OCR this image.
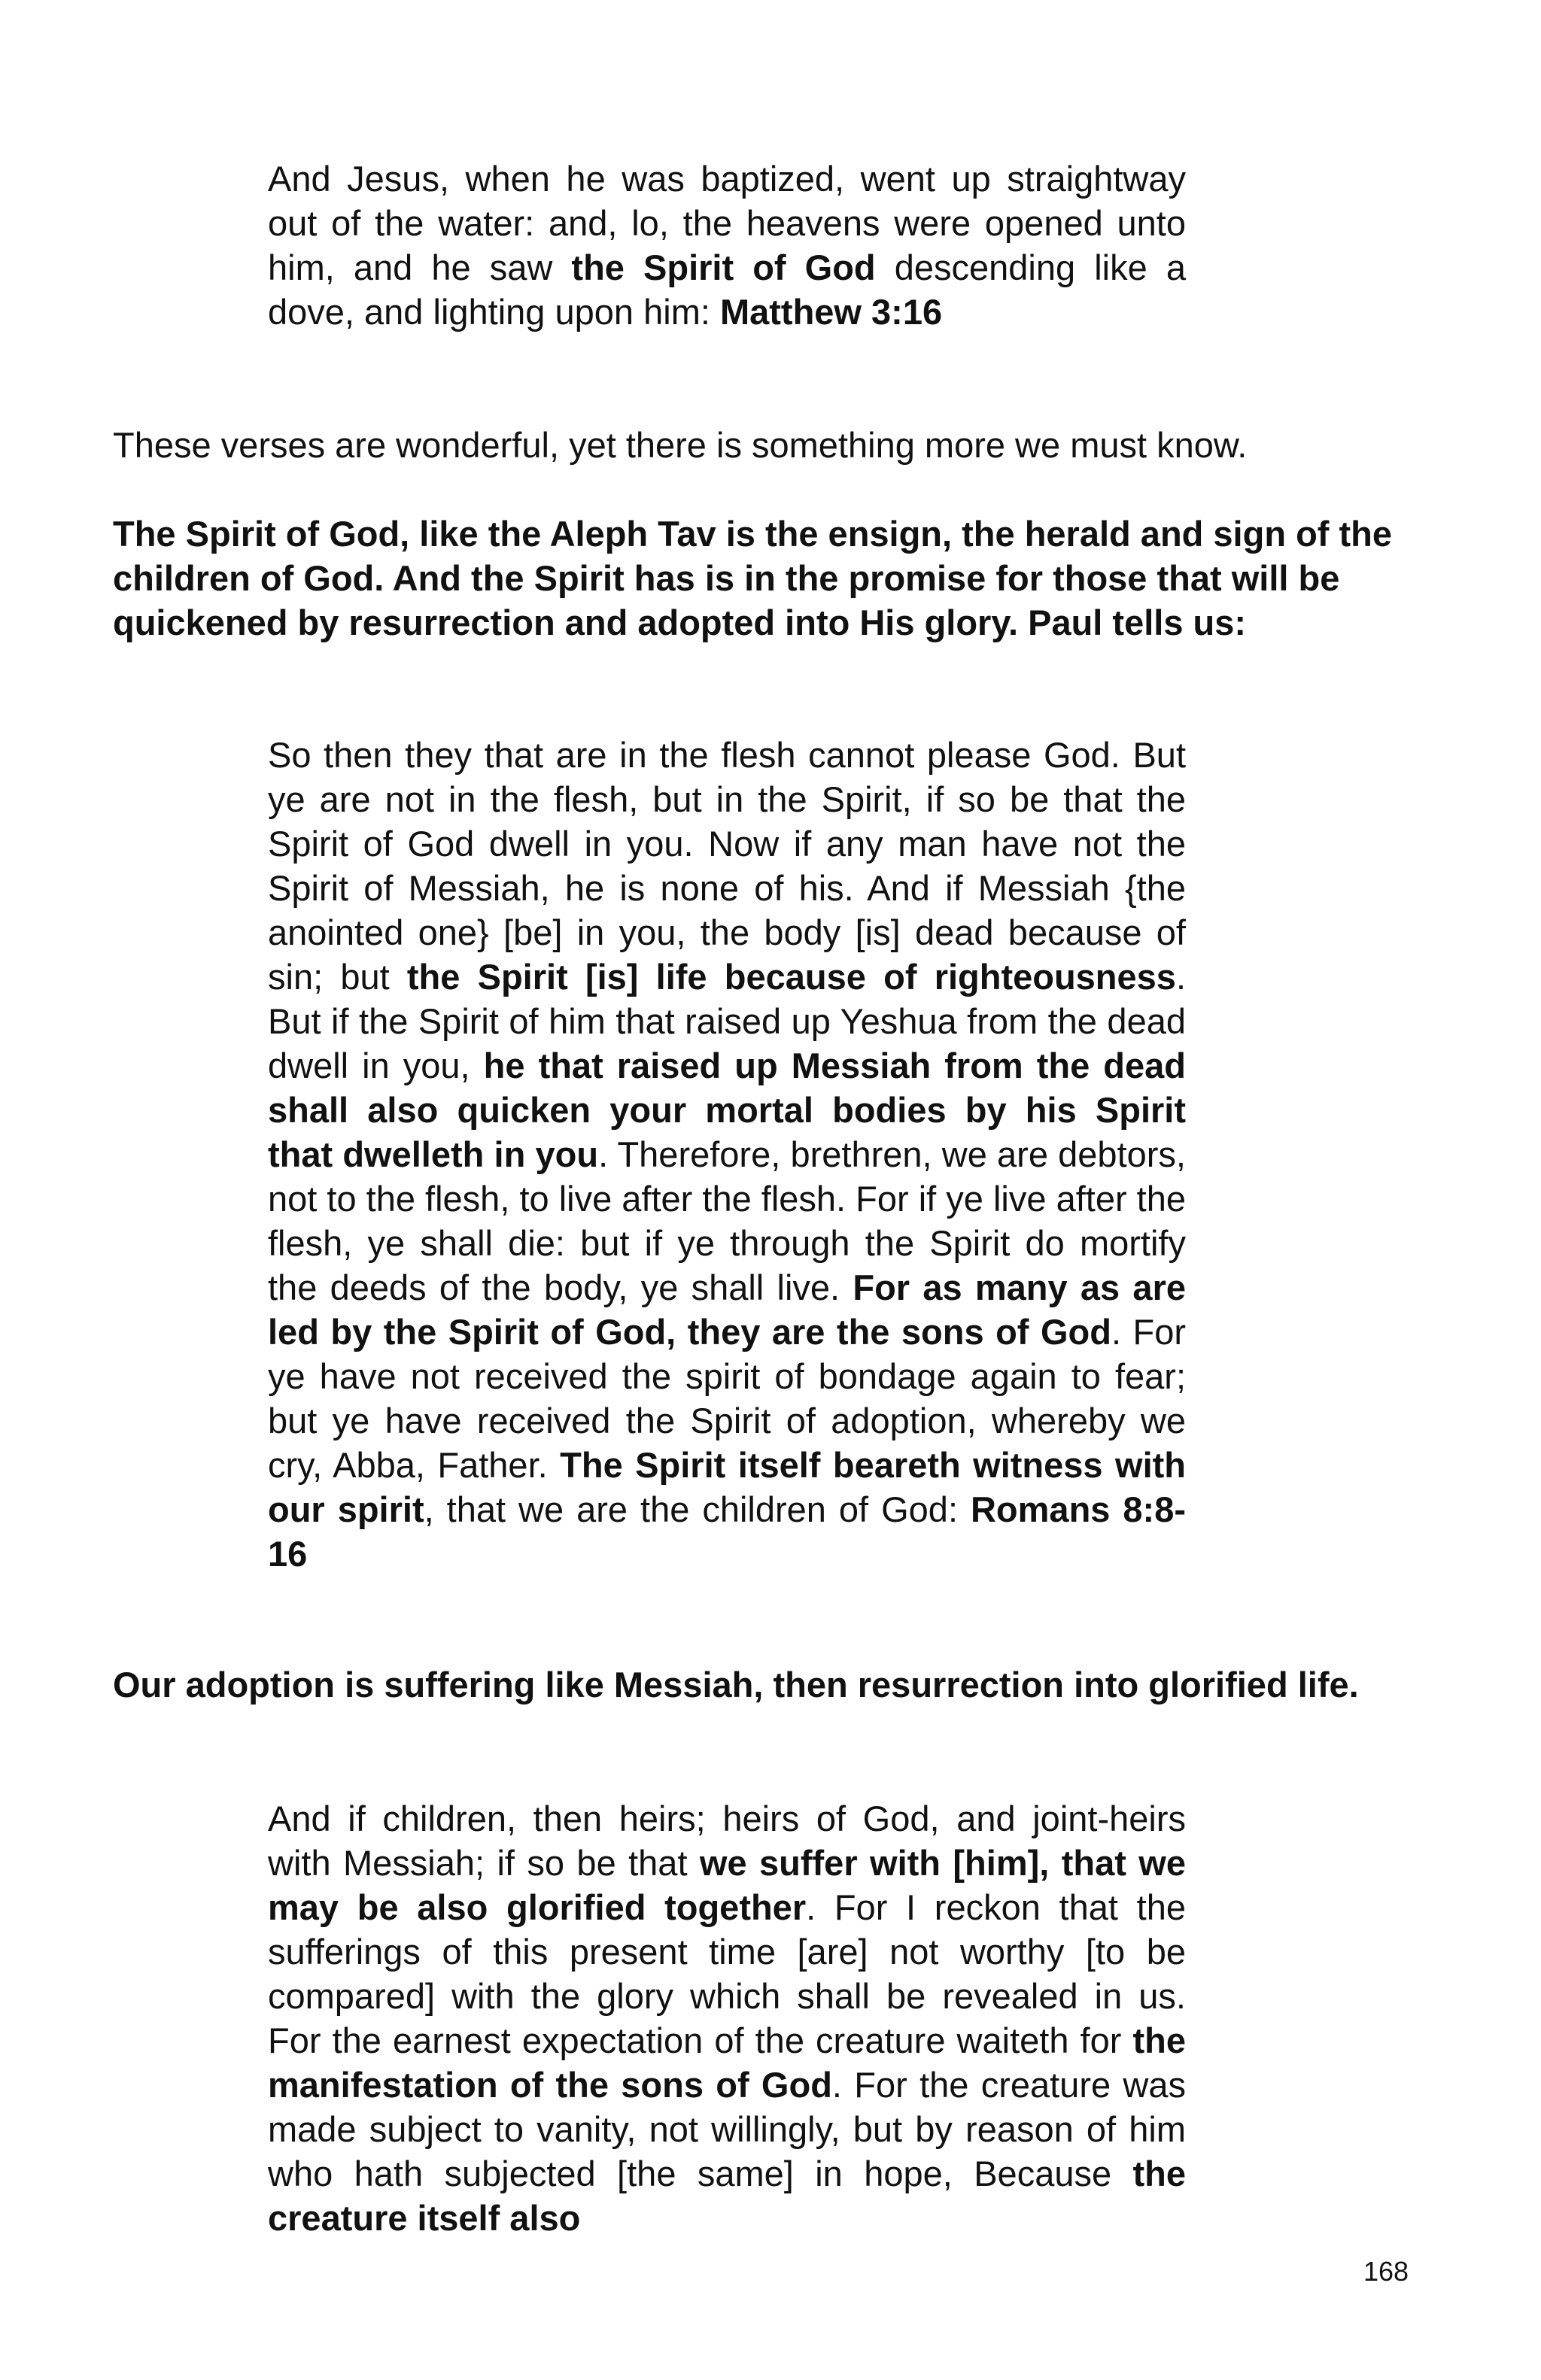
And Jesus, when he was baptized, went up straightway out of the water: and, lo, the heavens were opened unto him, and he saw the Spirit of God descending like a dove, and lighting upon him: Matthew 3:16

These verses are wonderful, yet there is something more we must know.

The Spirit of God, like the Aleph Tav is the ensign, the herald and sign of the children of God. And the Spirit has is in the promise for those that will be quickened by resurrection and adopted into His glory. Paul tells us:

So then they that are in the flesh cannot please God. But ye are not in the flesh, but in the Spirit, if so be that the Spirit of God dwell in you. Now if any man have not the Spirit of Messiah, he is none of his. And if Messiah {the anointed one} [be] in you, the body [is] dead because of sin; but the Spirit [is] life because of righteousness. But if the Spirit of him that raised up Yeshua from the dead dwell in you, he that raised up Messiah from the dead shall also quicken your mortal bodies by his Spirit that dwelleth in you. Therefore, brethren, we are debtors, not to the flesh, to live after the flesh. For if ye live after the flesh, ye shall die: but if ye through the Spirit do mortify the deeds of the body, ye shall live. For as many as are led by the Spirit of God, they are the sons of God. For ye have not received the spirit of bondage again to fear; but ye have received the Spirit of adoption, whereby we cry, Abba, Father. The Spirit itself beareth witness with our spirit, that we are the children of God: Romans 8:8-16

Our adoption is suffering like Messiah, then resurrection into glorified life.

And if children, then heirs; heirs of God, and joint-heirs with Messiah; if so be that we suffer with [him], that we may be also glorified together. For I reckon that the sufferings of this present time [are] not worthy [to be compared] with the glory which shall be revealed in us. For the earnest expectation of the creature waiteth for the manifestation of the sons of God. For the creature was made subject to vanity, not willingly, but by reason of him who hath subjected [the same] in hope, Because the creature itself also

168
